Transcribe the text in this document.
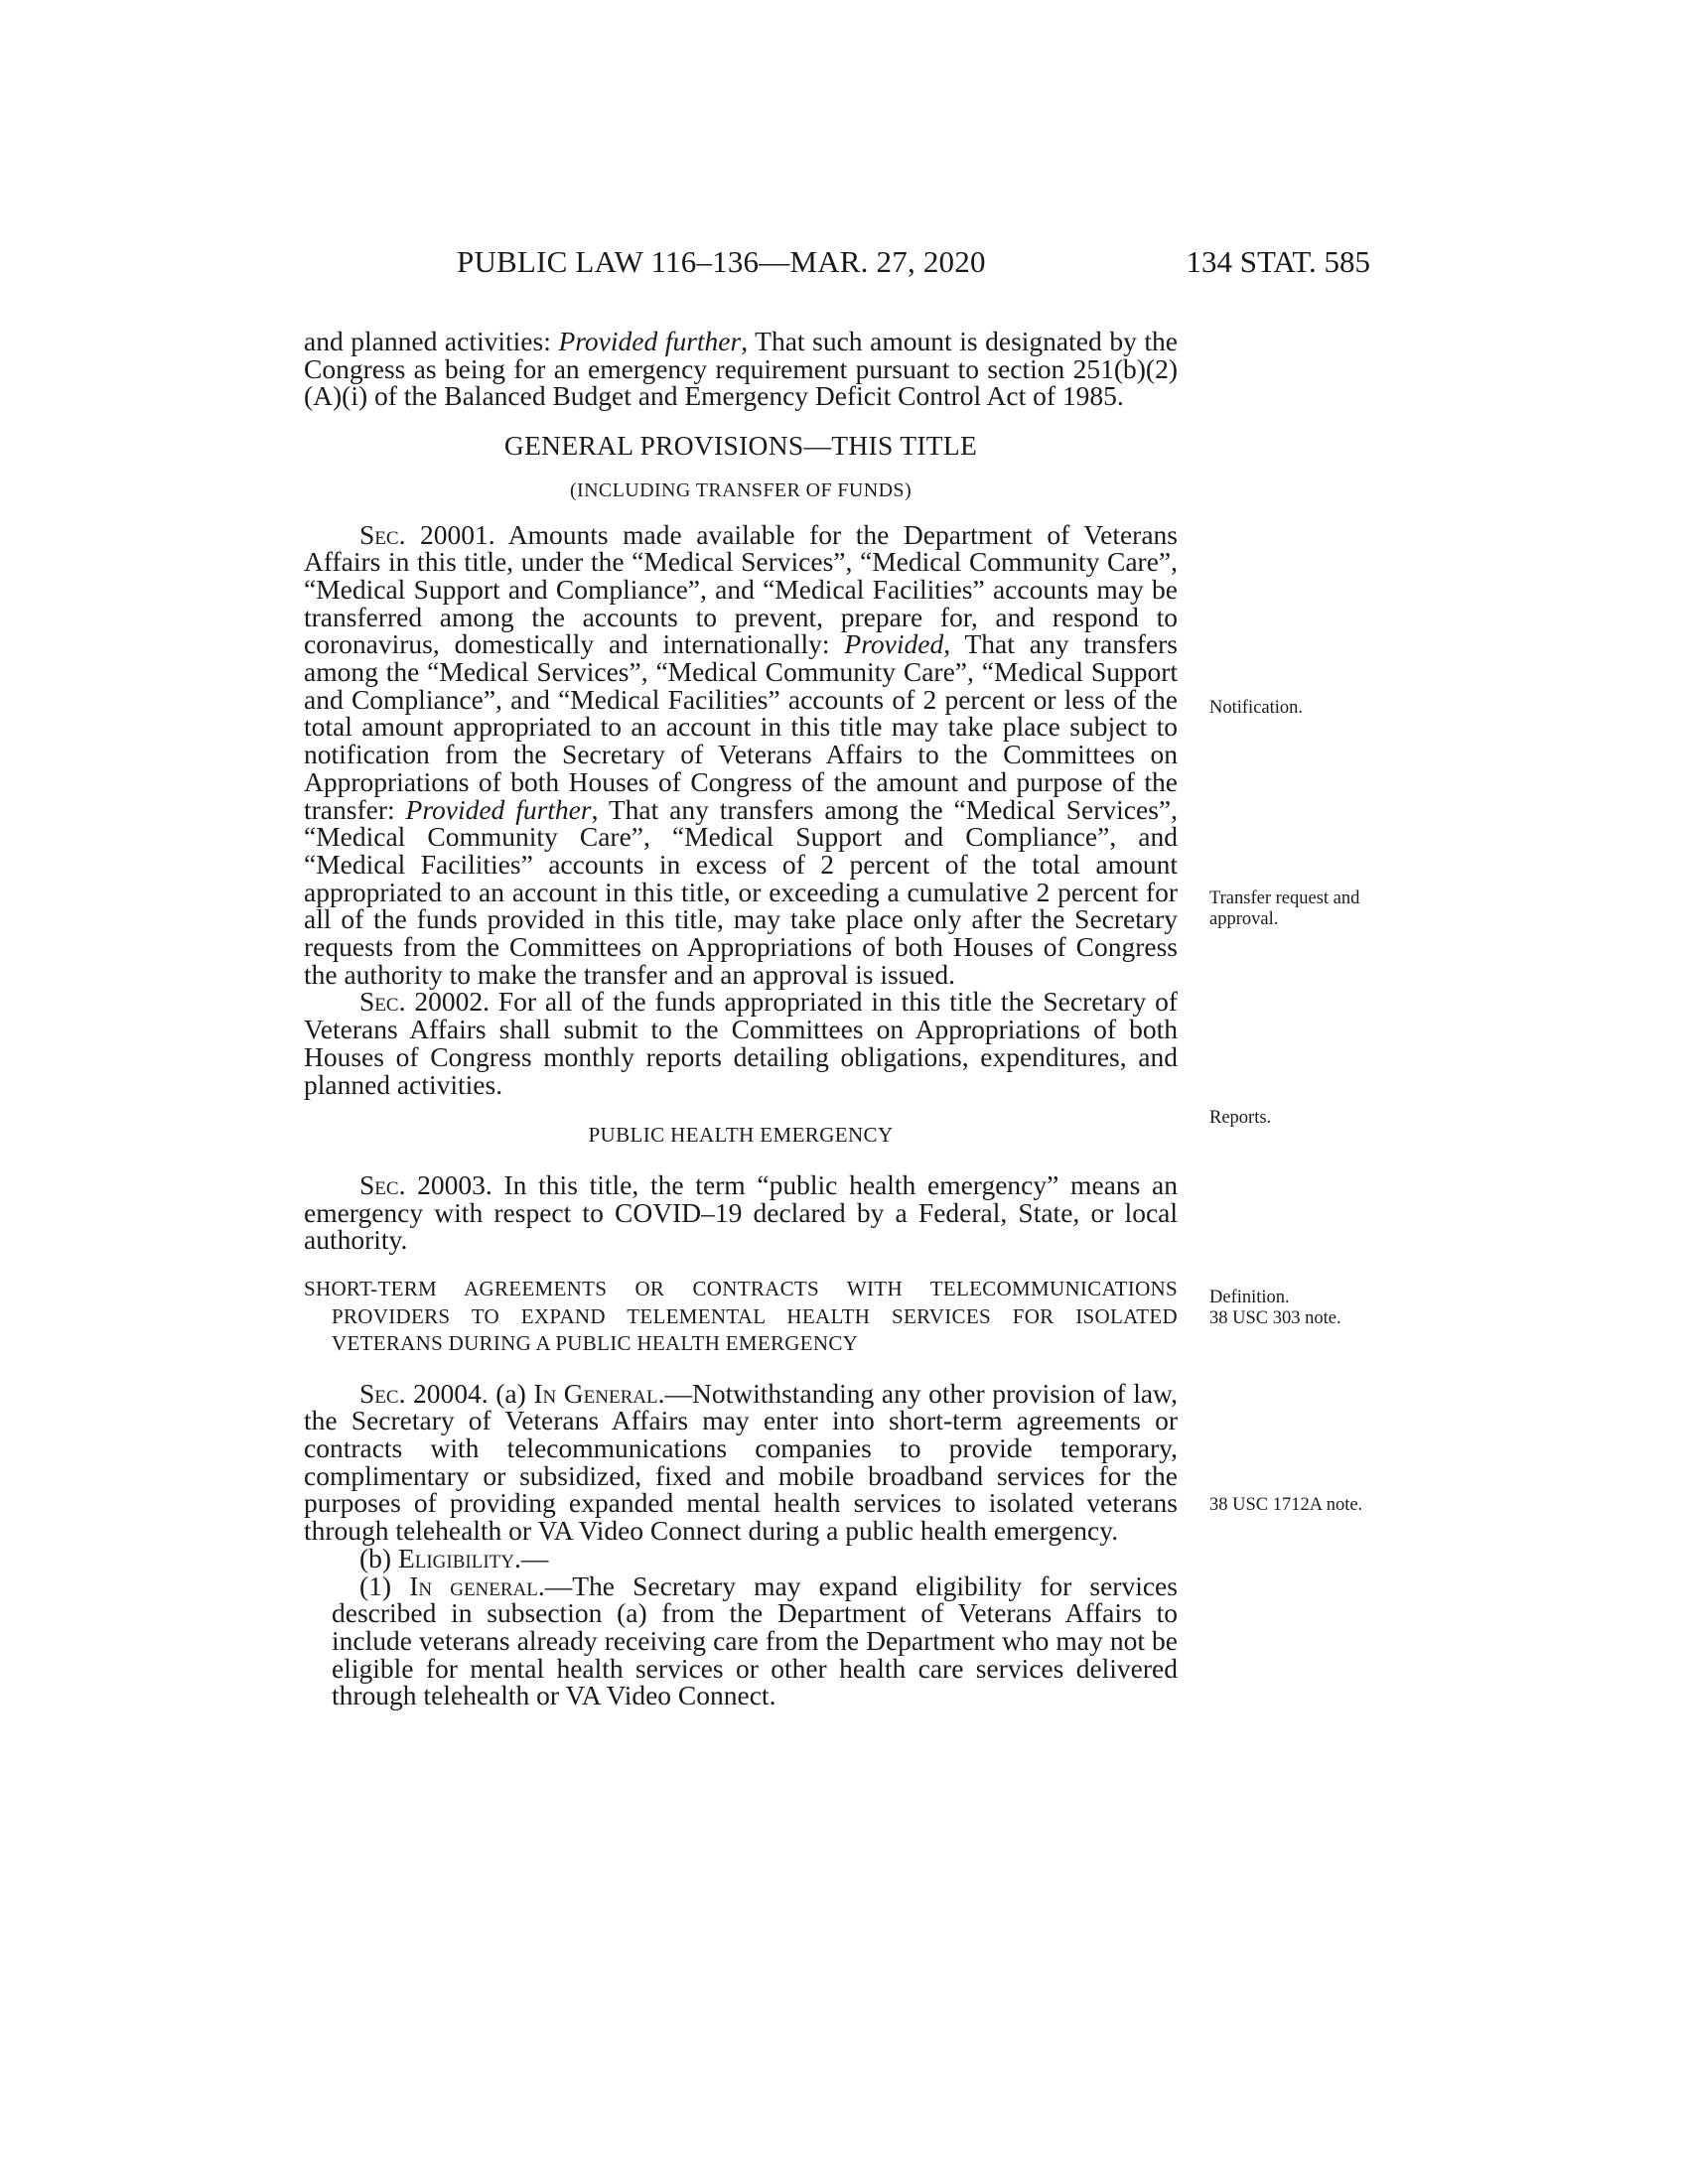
PUBLIC LAW 116–136—MAR. 27, 2020	134 STAT. 585

and planned activities: Provided further, That such amount is designated by the Congress as being for an emergency requirement pursuant to section 251(b)(2)(A)(i) of the Balanced Budget and Emergency Deficit Control Act of 1985.

GENERAL PROVISIONS—THIS TITLE
(INCLUDING TRANSFER OF FUNDS)

Sec. 20001. Amounts made available for the Department of Veterans Affairs in this title, under the “Medical Services”, “Medical Community Care”, “Medical Support and Compliance”, and “Medical Facilities” accounts may be transferred among the accounts to prevent, prepare for, and respond to coronavirus, domestically and internationally: Provided, That any transfers among the “Medical Services”, “Medical Community Care”, “Medical Support and Compliance”, and “Medical Facilities” accounts of 2 percent or less of the total amount appropriated to an account in this title may take place subject to notification from the Secretary of Veterans Affairs to the Committees on Appropriations of both Houses of Congress of the amount and purpose of the transfer: Provided further, That any transfers among the “Medical Services”, “Medical Community Care”, “Medical Support and Compliance”, and “Medical Facilities” accounts in excess of 2 percent of the total amount appropriated to an account in this title, or exceeding a cumulative 2 percent for all of the funds provided in this title, may take place only after the Secretary requests from the Committees on Appropriations of both Houses of Congress the authority to make the transfer and an approval is issued.

Sec. 20002. For all of the funds appropriated in this title the Secretary of Veterans Affairs shall submit to the Committees on Appropriations of both Houses of Congress monthly reports detailing obligations, expenditures, and planned activities.

PUBLIC HEALTH EMERGENCY

Sec. 20003. In this title, the term “public health emergency” means an emergency with respect to COVID–19 declared by a Federal, State, or local authority.

SHORT-TERM AGREEMENTS OR CONTRACTS WITH TELECOMMUNICATIONS PROVIDERS TO EXPAND TELEMENTAL HEALTH SERVICES FOR ISOLATED VETERANS DURING A PUBLIC HEALTH EMERGENCY

Sec. 20004. (a) In General.—Notwithstanding any other provision of law, the Secretary of Veterans Affairs may enter into short-term agreements or contracts with telecommunications companies to provide temporary, complimentary or subsidized, fixed and mobile broadband services for the purposes of providing expanded mental health services to isolated veterans through telehealth or VA Video Connect during a public health emergency.

(b) Eligibility.—

(1) In general.—The Secretary may expand eligibility for services described in subsection (a) from the Department of Veterans Affairs to include veterans already receiving care from the Department who may not be eligible for mental health services or other health care services delivered through telehealth or VA Video Connect.

Notification.
Transfer request and approval.
Reports.
Definition.
38 USC 303 note.
38 USC 1712A note.
